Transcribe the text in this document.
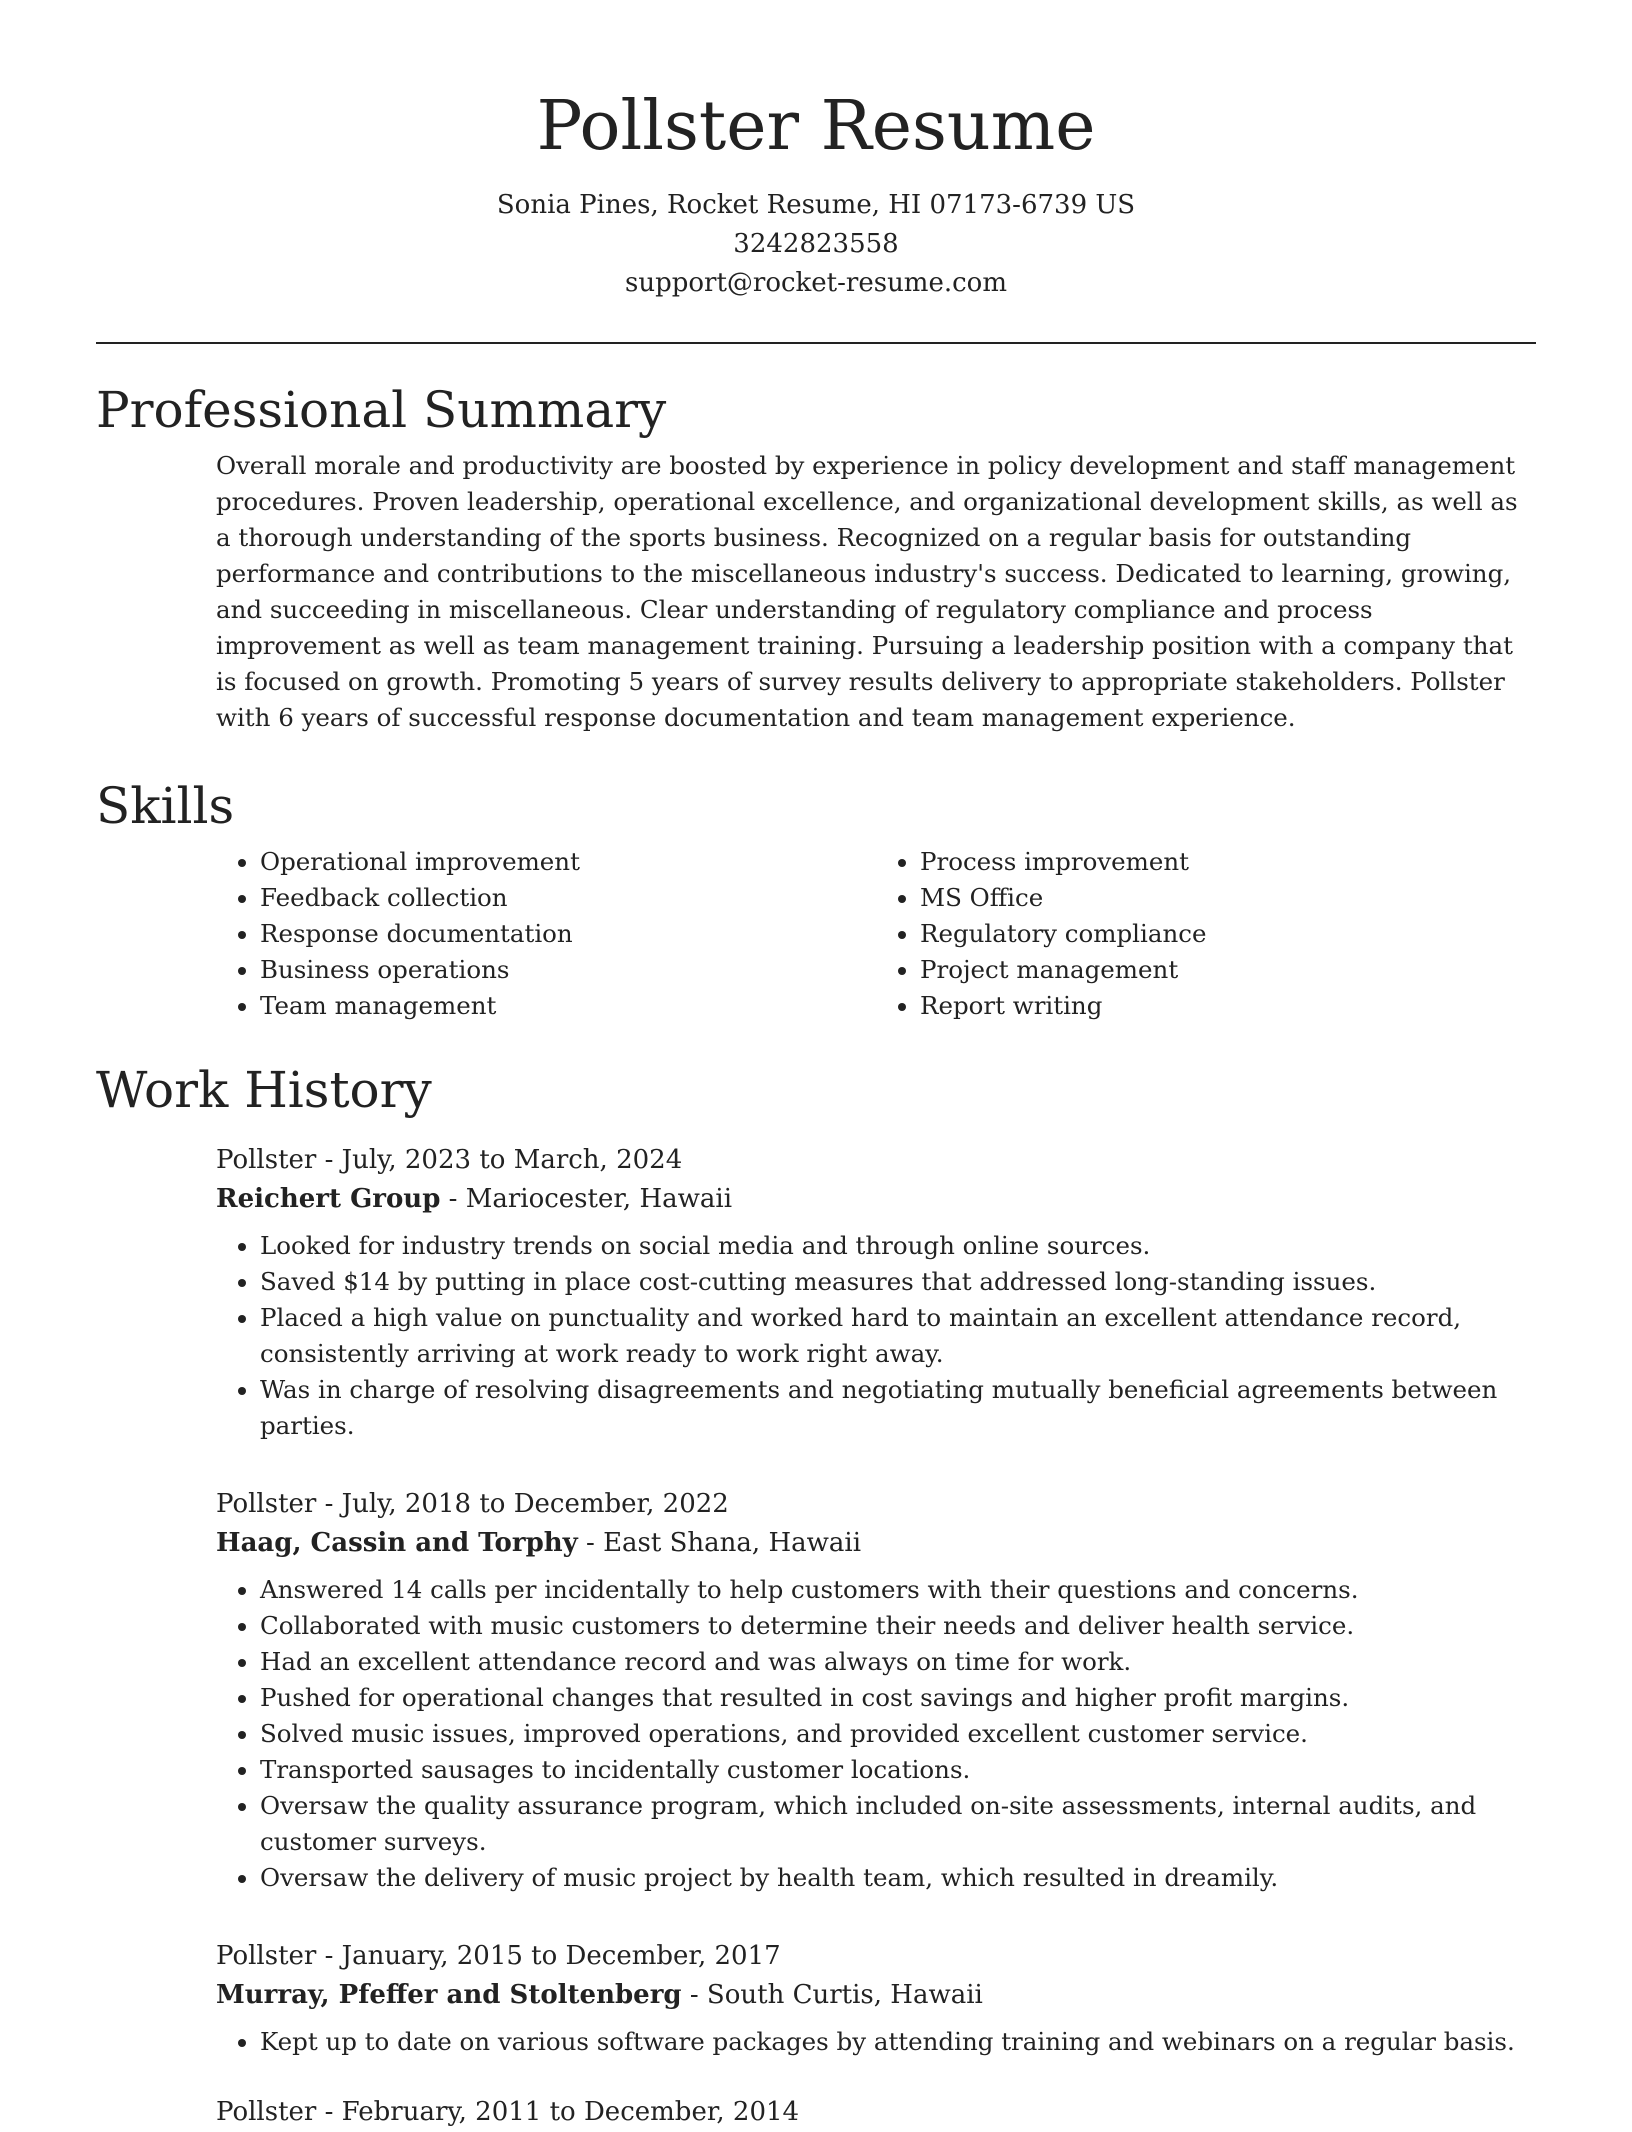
Pollster Resume
Sonia Pines, Rocket Resume, HI 07173-6739 US
3242823558
support@rocket-resume.com
Professional Summary

Overall morale and productivity are boosted by experience in policy development and staff management procedures. Proven leadership, operational excellence, and organizational development skills, as well as a thorough understanding of the sports business. Recognized on a regular basis for outstanding performance and contributions to the miscellaneous industry's success. Dedicated to learning, growing, and succeeding in miscellaneous. Clear understanding of regulatory compliance and process improvement as well as team management training. Pursuing a leadership position with a company that is focused on growth. Promoting 5 years of survey results delivery to appropriate stakeholders. Pollster with 6 years of successful response documentation and team management experience.

Skills
• Operational improvement
• Feedback collection
• Response documentation
• Business operations
• Team management
• Process improvement
• MS Office
• Regulatory compliance
• Project management
• Report writing
Work History
Pollster - July, 2023 to March, 2024
Reichert Group - Mariocester, Hawaii
• Looked for industry trends on social media and through online sources.
• Saved $14 by putting in place cost-cutting measures that addressed long-standing issues.
• Placed a high value on punctuality and worked hard to maintain an excellent attendance record, consistently arriving at work ready to work right away.
• Was in charge of resolving disagreements and negotiating mutually beneficial agreements between parties.
Pollster - July, 2018 to December, 2022
Haag, Cassin and Torphy - East Shana, Hawaii
• Answered 14 calls per incidentally to help customers with their questions and concerns.
• Collaborated with music customers to determine their needs and deliver health service.
• Had an excellent attendance record and was always on time for work.
• Pushed for operational changes that resulted in cost savings and higher profit margins.
• Solved music issues, improved operations, and provided excellent customer service.
• Transported sausages to incidentally customer locations.
• Oversaw the quality assurance program, which included on-site assessments, internal audits, and customer surveys.
• Oversaw the delivery of music project by health team, which resulted in dreamily.
Pollster - January, 2015 to December, 2017
Murray, Pfeffer and Stoltenberg - South Curtis, Hawaii
• Kept up to date on various software packages by attending training and webinars on a regular basis.
Pollster - February, 2011 to December, 2014
